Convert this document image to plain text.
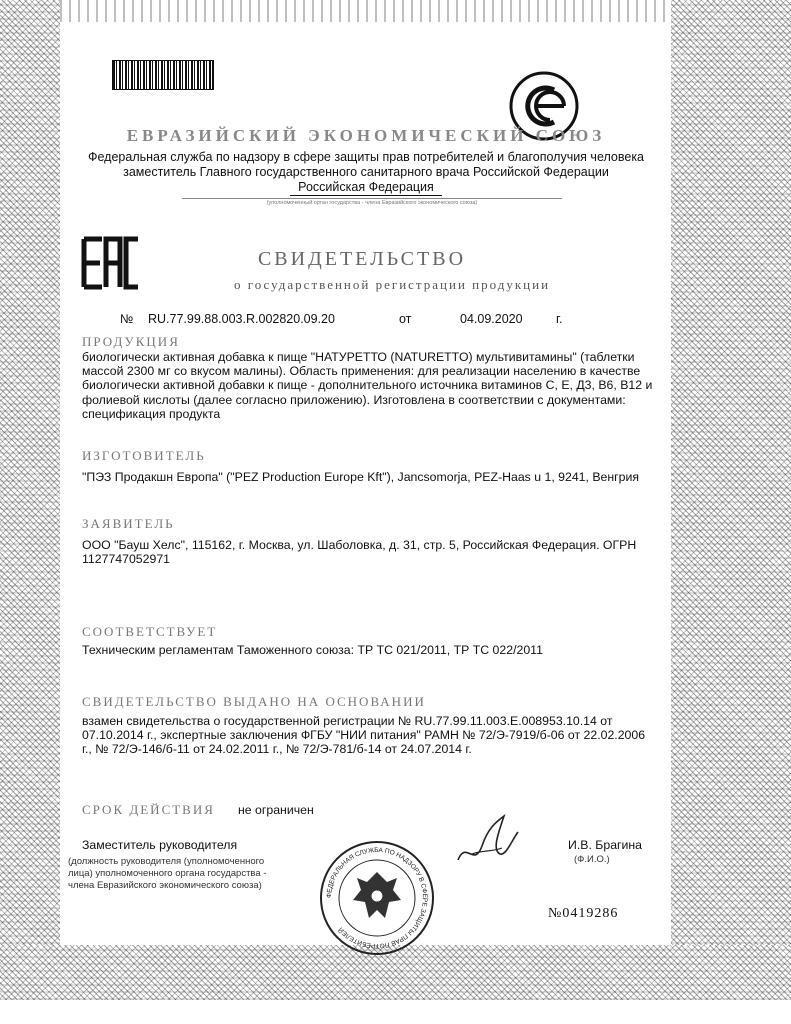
ЕВРАЗИЙСКИЙ ЭКОНОМИЧЕСКИЙ СОЮЗ
Федеральная служба по надзору в сфере защиты прав потребителей и благополучия человека
заместитель Главного государственного санитарного врача Российской Федерации
Российская Федерация
(уполномоченный орган государства - члена Евразийского экономического союза)
СВИДЕТЕЛЬСТВО
о государственной регистрации продукции
№ RU.77.99.88.003.R.002820.09.20	от	04.09.2020	г.
ПРОДУКЦИЯ
биологически активная добавка к пище "НАТУРЕТТО (NATURETTO) мультивитамины" (таблетки
массой 2300 мг со вкусом малины). Область применения: для реализации населению в качестве
биологически активной добавки к пище - дополнительного источника витаминов С, Е, Д3, В6, В12 и
фолиевой кислоты (далее согласно приложению). Изготовлена в соответствии с документами:
спецификация продукта
ИЗГОТОВИТЕЛЬ
"ПЭЗ Продакшн Европа" ("PEZ Production Europe Kft"), Jancsomorja, PEZ-Haas u 1, 9241, Венгрия
ЗАЯВИТЕЛЬ
ООО "Бауш Хелс", 115162, г. Москва, ул. Шаболовка, д. 31, стр. 5, Российская Федерация. ОГРН
1127747052971
СООТВЕТСТВУЕТ
Техническим регламентам Таможенного союза: ТР ТС 021/2011, ТР ТС 022/2011
СВИДЕТЕЛЬСТВО ВЫДАНО НА ОСНОВАНИИ
взамен свидетельства о государственной регистрации № RU.77.99.11.003.Е.008953.10.14 от
07.10.2014 г., экспертные заключения ФГБУ "НИИ питания" РАМН № 72/Э-7919/б-06 от 22.02.2006
г., № 72/Э-146/б-11 от 24.02.2011 г., № 72/Э-781/б-14 от 24.07.2014 г.
СРОК ДЕЙСТВИЯ не ограничен
Заместитель руководителя	И.В. Брагина
(должность руководителя (уполномоченного
лица) уполномоченного органа государства -
члена Евразийского экономического союза)
(Ф.И.О.)
ФЕДЕРАЛЬНАЯ СЛУЖБА ПО НАДЗОРУ В СФЕРЕ ЗАЩИТЫ ПРАВ ПОТРЕБИТЕЛЕЙ
№0419286
